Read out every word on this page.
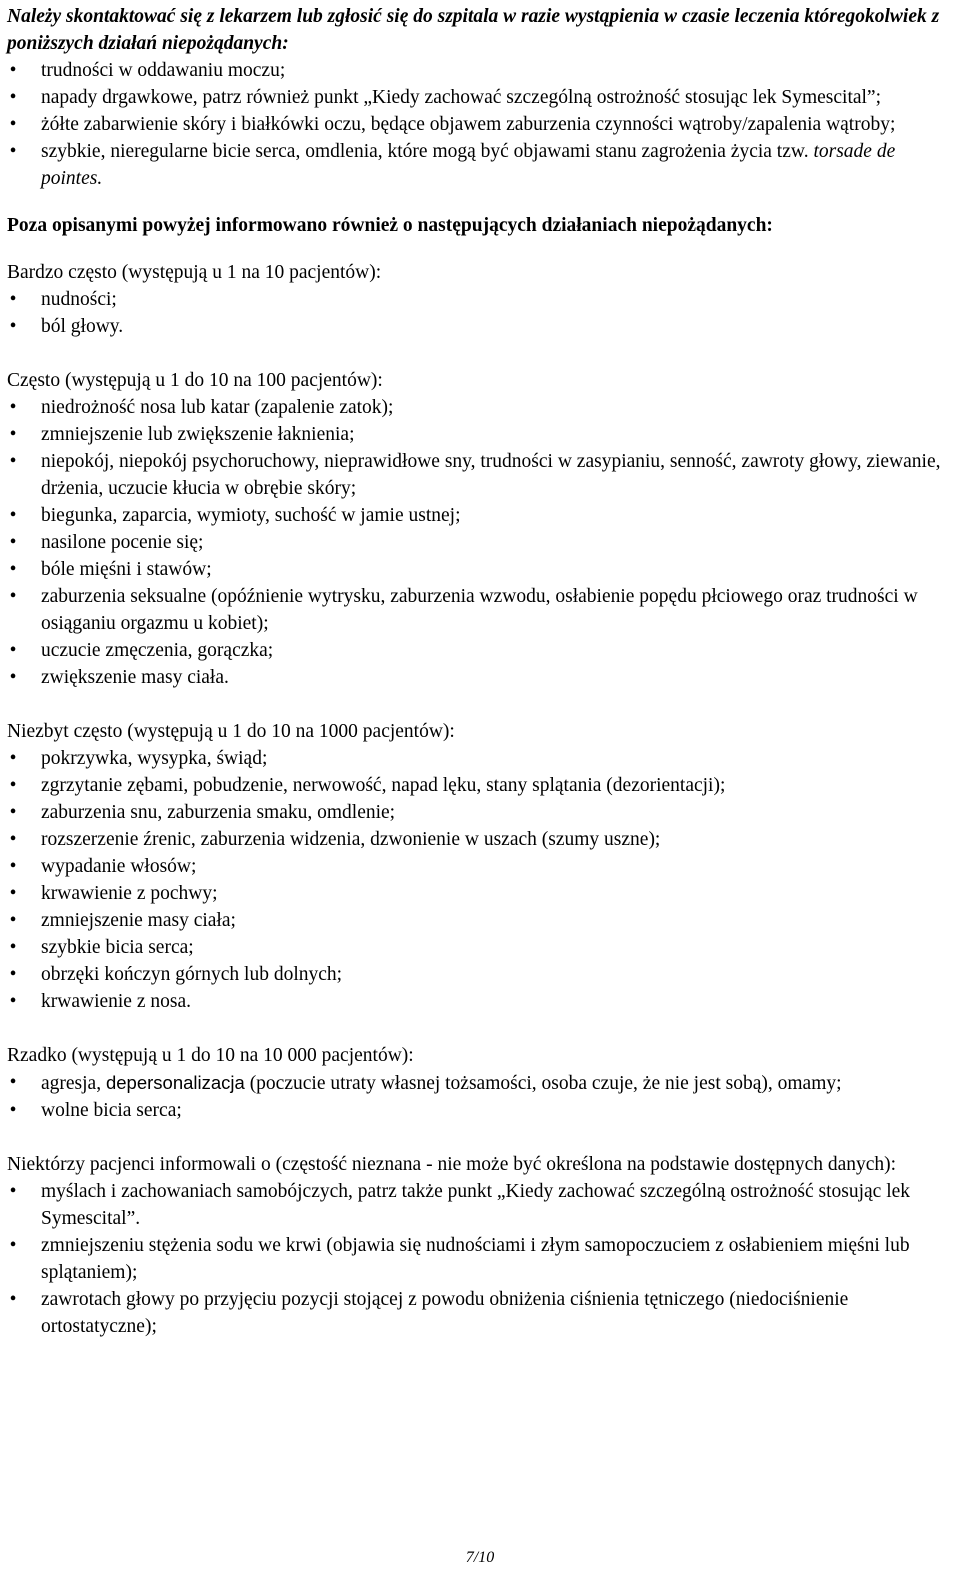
Należy skontaktować się z lekarzem lub zgłosić się do szpitala w razie wystąpienia w czasie leczenia któregokolwiek z poniższych działań niepożądanych:

• trudności w oddawaniu moczu;
• napady drgawkowe, patrz również punkt „Kiedy zachować szczególną ostrożność stosując lek Symescital”;
• żółte zabarwienie skóry i białkówki oczu, będące objawem zaburzenia czynności wątroby/zapalenia wątroby;
• szybkie, nieregularne bicie serca, omdlenia, które mogą być objawami stanu zagrożenia życia tzw. torsade de pointes.

Poza opisanymi powyżej informowano również o następujących działaniach niepożądanych:

Bardzo często (występują u 1 na 10 pacjentów):

• nudności;
• ból głowy.

Często (występują u 1 do 10 na 100 pacjentów):

• niedrożność nosa lub katar (zapalenie zatok);
• zmniejszenie lub zwiększenie łaknienia;
• niepokój, niepokój psychoruchowy, nieprawidłowe sny, trudności w zasypianiu, senność, zawroty głowy, ziewanie, drżenia, uczucie kłucia w obrębie skóry;
• biegunka, zaparcia, wymioty, suchość w jamie ustnej;
• nasilone pocenie się;
• bóle mięśni i stawów;
• zaburzenia seksualne (opóźnienie wytrysku, zaburzenia wzwodu, osłabienie popędu płciowego oraz trudności w osiąganiu orgazmu u kobiet);
• uczucie zmęczenia, gorączka;
• zwiększenie masy ciała.

Niezbyt często (występują u 1 do 10 na 1000 pacjentów):

• pokrzywka, wysypka, świąd;
• zgrzytanie zębami, pobudzenie, nerwowość, napad lęku, stany splątania (dezorientacji);
• zaburzenia snu, zaburzenia smaku, omdlenie;
• rozszerzenie źrenic, zaburzenia widzenia, dzwonienie w uszach (szumy uszne);
• wypadanie włosów;
• krwawienie z pochwy;
• zmniejszenie masy ciała;
• szybkie bicia serca;
• obrzęki kończyn górnych lub dolnych;
• krwawienie z nosa.

Rzadko (występują u 1 do 10 na 10 000 pacjentów):

• agresja, depersonalizacja (poczucie utraty własnej tożsamości, osoba czuje, że nie jest sobą), omamy;
• wolne bicia serca;

Niektórzy pacjenci informowali o (częstość nieznana - nie może być określona na podstawie dostępnych danych):

• myślach i zachowaniach samobójczych, patrz także punkt „Kiedy zachować szczególną ostrożność stosując lek Symescital”.
• zmniejszeniu stężenia sodu we krwi (objawia się nudnościami i złym samopoczuciem z osłabieniem mięśni lub splątaniem);
• zawrotach głowy po przyjęciu pozycji stojącej z powodu obniżenia ciśnienia tętniczego (niedociśnienie ortostatyczne);
7/10
